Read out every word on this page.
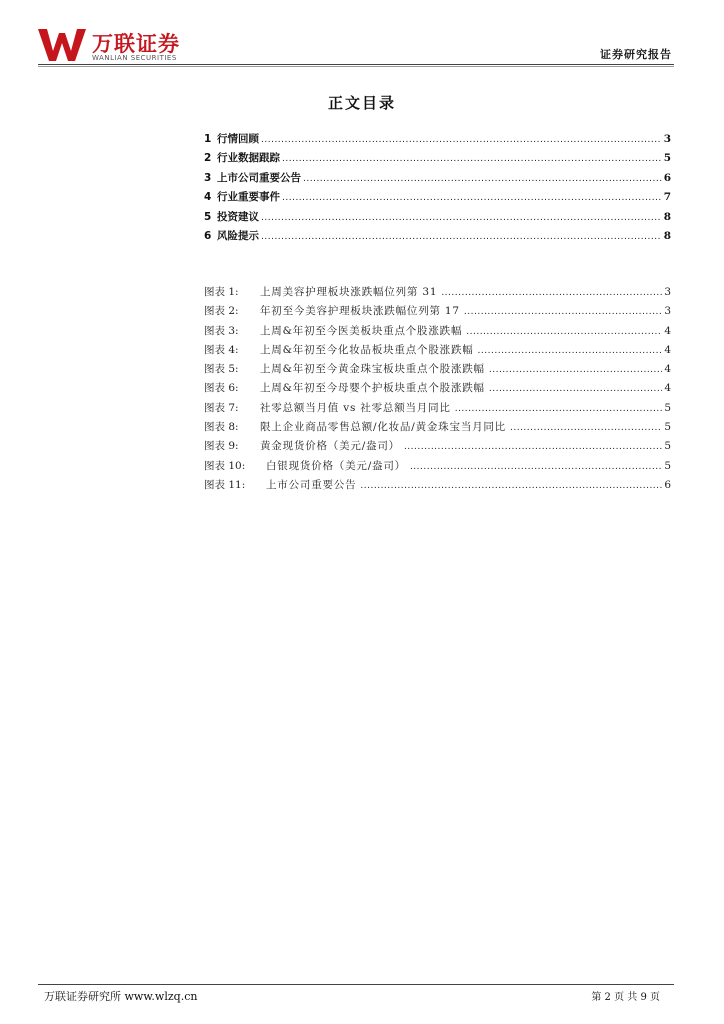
万联证券
WANLIAN SECURITIES	证券研究报告
正文目录
1 行情回顾 .....	3
2 行业数据跟踪 .....	5
3 上市公司重要公告 .....	6
4 行业重要事件 .....	7
5 投资建议 .....	8
6 风险提示 .....	8
图表 1:	上周美容护理板块涨跌幅位列第 31 .....	3
图表 2:	年初至今美容护理板块涨跌幅位列第 17 .....	3
图表 3:	上周&年初至今医美板块重点个股涨跌幅 .....	4
图表 4:	上周&年初至今化妆品板块重点个股涨跌幅 .....	4
图表 5:	上周&年初至今黄金珠宝板块重点个股涨跌幅 .....	4
图表 6:	上周&年初至今母婴个护板块重点个股涨跌幅 .....	4
图表 7:	社零总额当月值 vs 社零总额当月同比 .....	5
图表 8:	限上企业商品零售总额/化妆品/黄金珠宝当月同比 .....	5
图表 9:	黄金现货价格（美元/盎司） .....	5
图表 10:	白银现货价格（美元/盎司） .....	5
图表 11:	上市公司重要公告 .....	6
万联证券研究所 www.wlzq.cn	第 2 页 共 9 页
